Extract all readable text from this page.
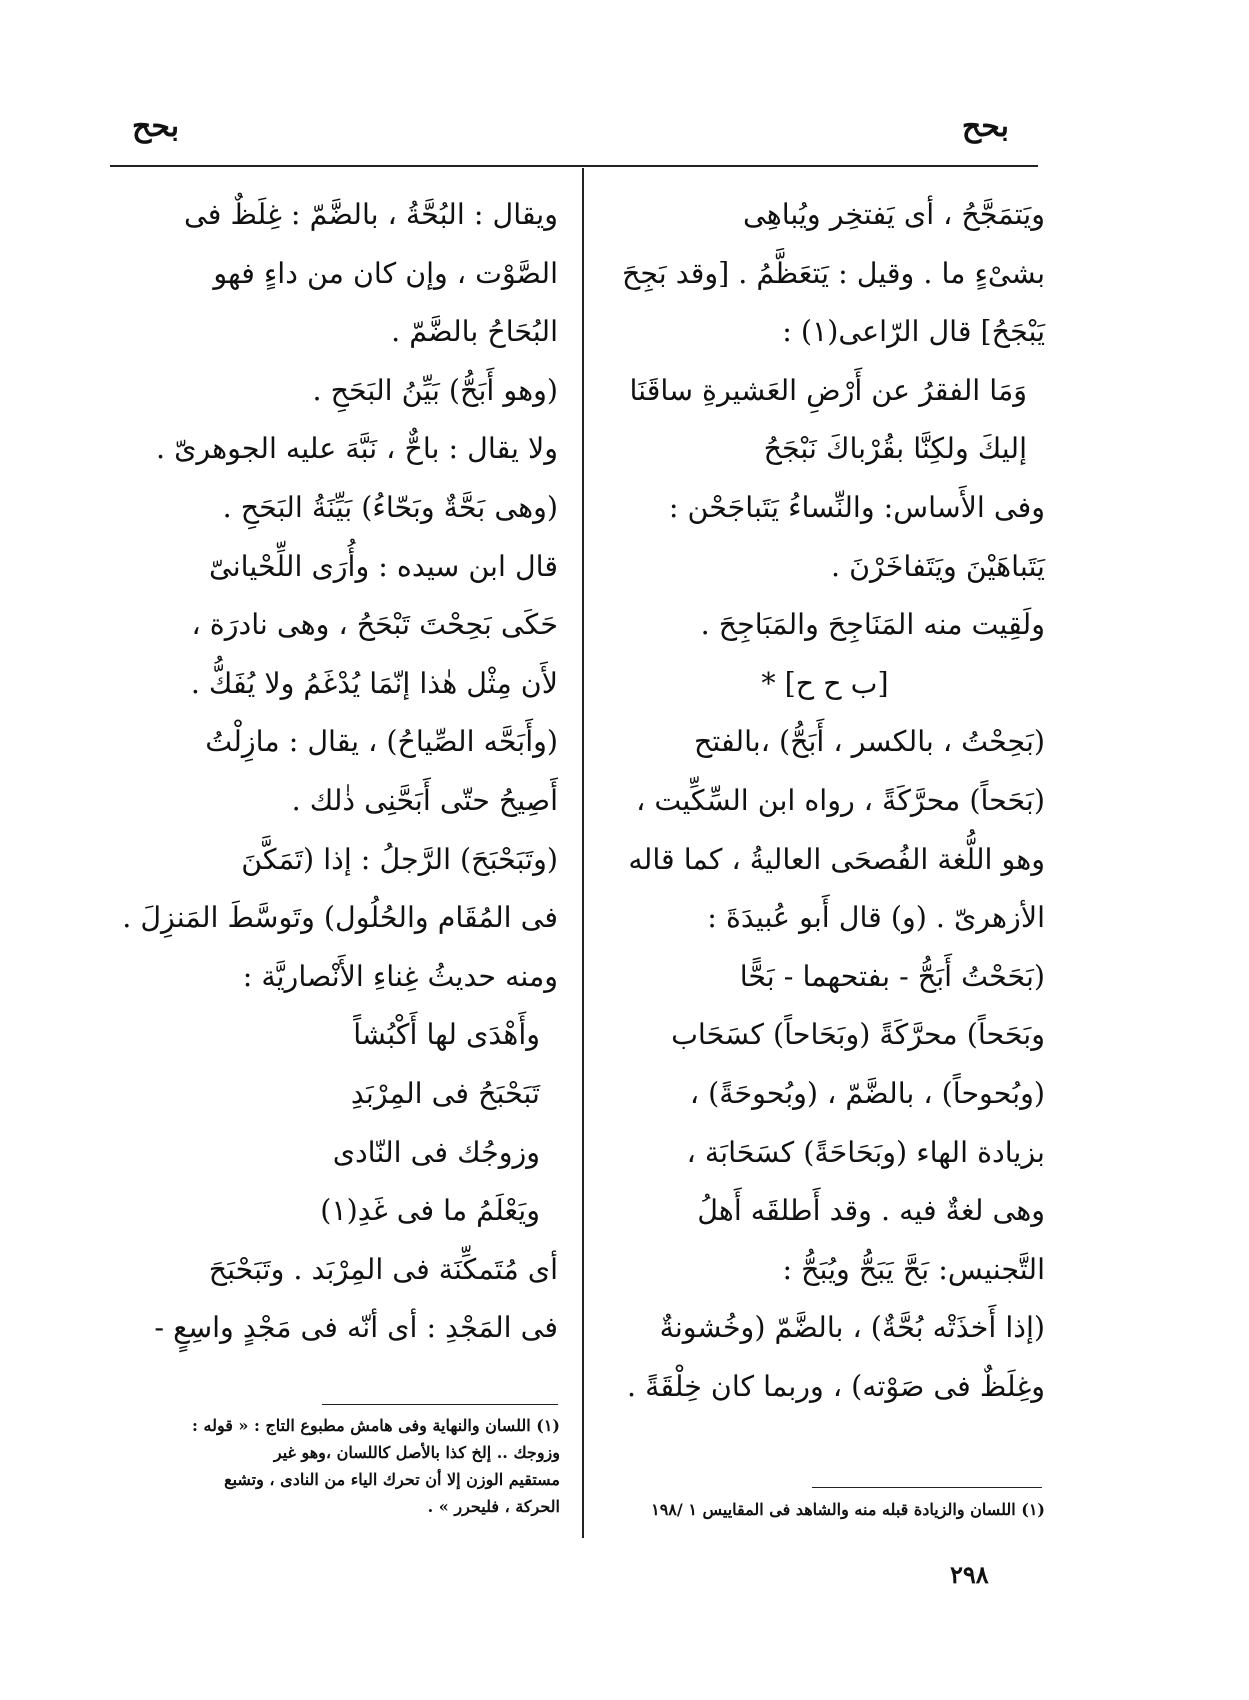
بحح
بحح

ويَتمَجَّحُ ، أى يَفتخِر ويُباهِى

بشىْءٍ ما . وقيل : يَتعَظَّمُ . [وقد بَجِحَ

يَبْجَحُ] قال الرّاعى(١) :

وَمَا الفقرُ عن أَرْضِ العَشيرةِ ساقَنَا

إليكَ ولكِنَّا بقُرْباكَ نَبْجَحُ

وفى الأَساس: والنِّساءُ يَتَباجَحْن :

يَتَباهَيْنَ ويَتَفاخَرْنَ .

ولَقِيت منه المَنَاجِحَ والمَبَاجِحَ .

[ب ح ح] *

(بَحِحْتُ ، بالكسر ، أَبَحُّ) ،بالفتح

(بَحَحاً) محرَّكَةً ، رواه ابن السِّكِّيت ،

وهو اللُّغة الفُصحَى العاليةُ ، كما قاله

الأزهرىّ . (و) قال أَبو عُبيدَةَ :

(بَحَحْتُ أَبَحُّ - بفتحهما - بَحًّا

وبَحَحاً) محرَّكَةً (وبَحَاحاً) كسَحَاب

(وبُحوحاً) ، بالضَّمّ ، (وبُحوحَةً) ،

بزيادة الهاء (وبَحَاحَةً) كسَحَابَة ،

وهى لغةٌ فيه . وقد أَطلقَه أَهلُ

التَّجنيس: بَحَّ يَبَحُّ ويُبَحُّ :

(إذا أَخذَتْه بُحَّةٌ) ، بالضَّمّ (وخُشونةٌ

وغِلَظٌ فى صَوْته) ، وربما كان خِلْقَةً .

ويقال : البُحَّةُ ، بالضَّمّ : غِلَظٌ فى

الصَّوْت ، وإن كان من داءٍ فهو

البُحَاحُ بالضَّمّ .

(وهو أَبَحُّ) بَيِّنُ البَحَحِ .

ولا يقال : باحٌّ ، نَبَّهَ عليه الجوهرىّ .

(وهى بَحَّةٌ وبَحّاءُ) بَيِّنَةُ البَحَحِ .

قال ابن سيده : وأُرَى اللِّحْيانىّ

حَكَى بَحِحْتَ تَبْحَحُ ، وهى نادرَة ،

لأَن مِثْل هٰذا إنّمَا يُدْغَمُ ولا يُفَكُّ .

(وأَبَحَّه الصِّياحُ) ، يقال : مازِلْتُ

أَصِيحُ حتّى أَبَحَّنِى ذٰلك .

(وتَبَحْبَحَ) الرَّجلُ : إذا (تَمَكَّنَ

فى المُقَام والحُلُول) وتَوسَّطَ المَنزِلَ .

ومنه حديثُ غِناءِ الأَنْصاريَّة :

وأَهْدَى لها أَكْبُشاً

تَبَحْبَحُ فى المِرْبَدِ

وزوجُك فى النّادى

ويَعْلَمُ ما فى غَدِ(١)

أى مُتَمكِّنَة فى المِرْبَد . وتَبَحْبَحَ

فى المَجْدِ : أى أنّه فى مَجْدٍ واسِعٍ -

(١) اللسان والزيادة قبله منه والشاهد فى المقاييس ١ /١٩٨

(١) اللسان والنهاية وفى هامش مطبوع التاج : « قوله :

وزوجك .. إلخ كذا بالأصل كاللسان ،وهو غير

مستقيم الوزن إلا أن تحرك الياء من النادى ، وتشبع

الحركة ، فليحرر » .

٢٩٨
